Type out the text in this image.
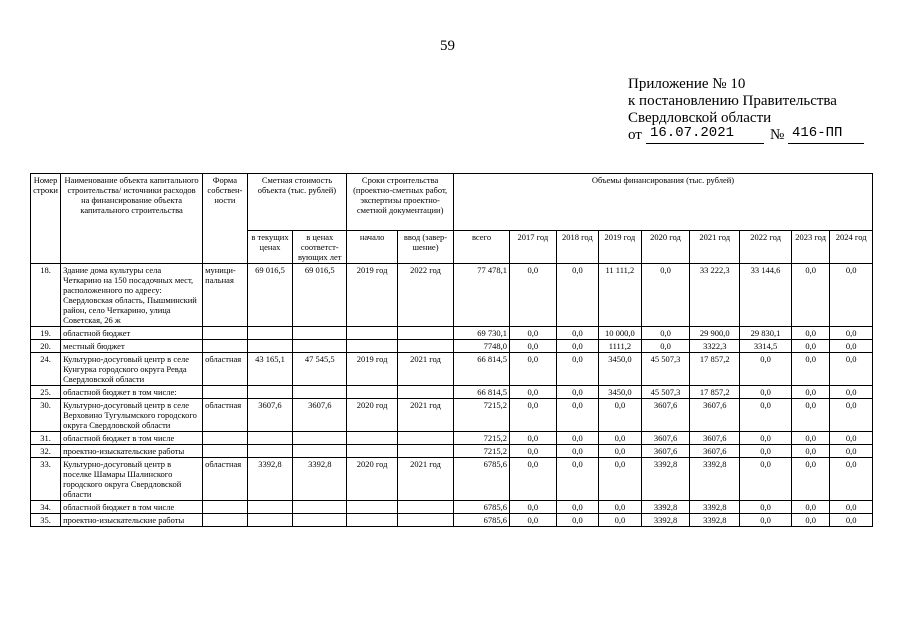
59
Приложение № 10
к постановлению Правительства
Свердловской области
от 16.07.2021 № 416-ПП
Номер строки	Наименование объекта капитального строительства/ источники расходов на финансирование объекта капитального строительства	Форма собствен-ности	Сметная стоимость объекта (тыс. рублей)		Сроки строительства (проектно-сметных работ, экспертизы проектно-сметной документации)		Объемы финансирования (тыс. рублей)								
			в текущих ценах	в ценах соответст-вующих лет	начало	ввод (завер-шение)	всего	2017 год	2018 год	2019 год	2020 год	2021 год	2022 год	2023 год	2024 год
18.	Здание дома культуры села Четкарино на 150 посадочных мест, расположенного по адресу: Свердловская область, Пышминский район, село Четкарино, улица Советская, 26 ж	муници-пальная	69 016,5	69 016,5	2019 год	2022 год	77 478,1	0,0	0,0	11 111,2	0,0	33 222,3	33 144,6	0,0	0,0
19.	областной бюджет						69 730,1	0,0	0,0	10 000,0	0,0	29 900,0	29 830,1	0,0	0,0
20.	местный бюджет						7748,0	0,0	0,0	1111,2	0,0	3322,3	3314,5	0,0	0,0
24.	Культурно-досуговый центр в селе Кунгурка городского округа Ревда Свердловской области	областная	43 165,1	47 545,5	2019 год	2021 год	66 814,5	0,0	0,0	3450,0	45 507,3	17 857,2	0,0	0,0	0,0
25.	областной бюджет в том числе:						66 814,5	0,0	0,0	3450,0	45 507,3	17 857,2	0,0	0,0	0,0
30.	Культурно-досуговый центр в селе Верховино Тугулымского городского округа Свердловской области	областная	3607,6	3607,6	2020 год	2021 год	7215,2	0,0	0,0	0,0	3607,6	3607,6	0,0	0,0	0,0
31.	областной бюджет в том числе						7215,2	0,0	0,0	0,0	3607,6	3607,6	0,0	0,0	0,0
32.	проектно-изыскательские работы						7215,2	0,0	0,0	0,0	3607,6	3607,6	0,0	0,0	0,0
33.	Культурно-досуговый центр в поселке Шамары Шалинского городского округа Свердловской области	областная	3392,8	3392,8	2020 год	2021 год	6785,6	0,0	0,0	0,0	3392,8	3392,8	0,0	0,0	0,0
34.	областной бюджет в том числе						6785,6	0,0	0,0	0,0	3392,8	3392,8	0,0	0,0	0,0
35.	проектно-изыскательские работы						6785,6	0,0	0,0	0,0	3392,8	3392,8	0,0	0,0	0,0
